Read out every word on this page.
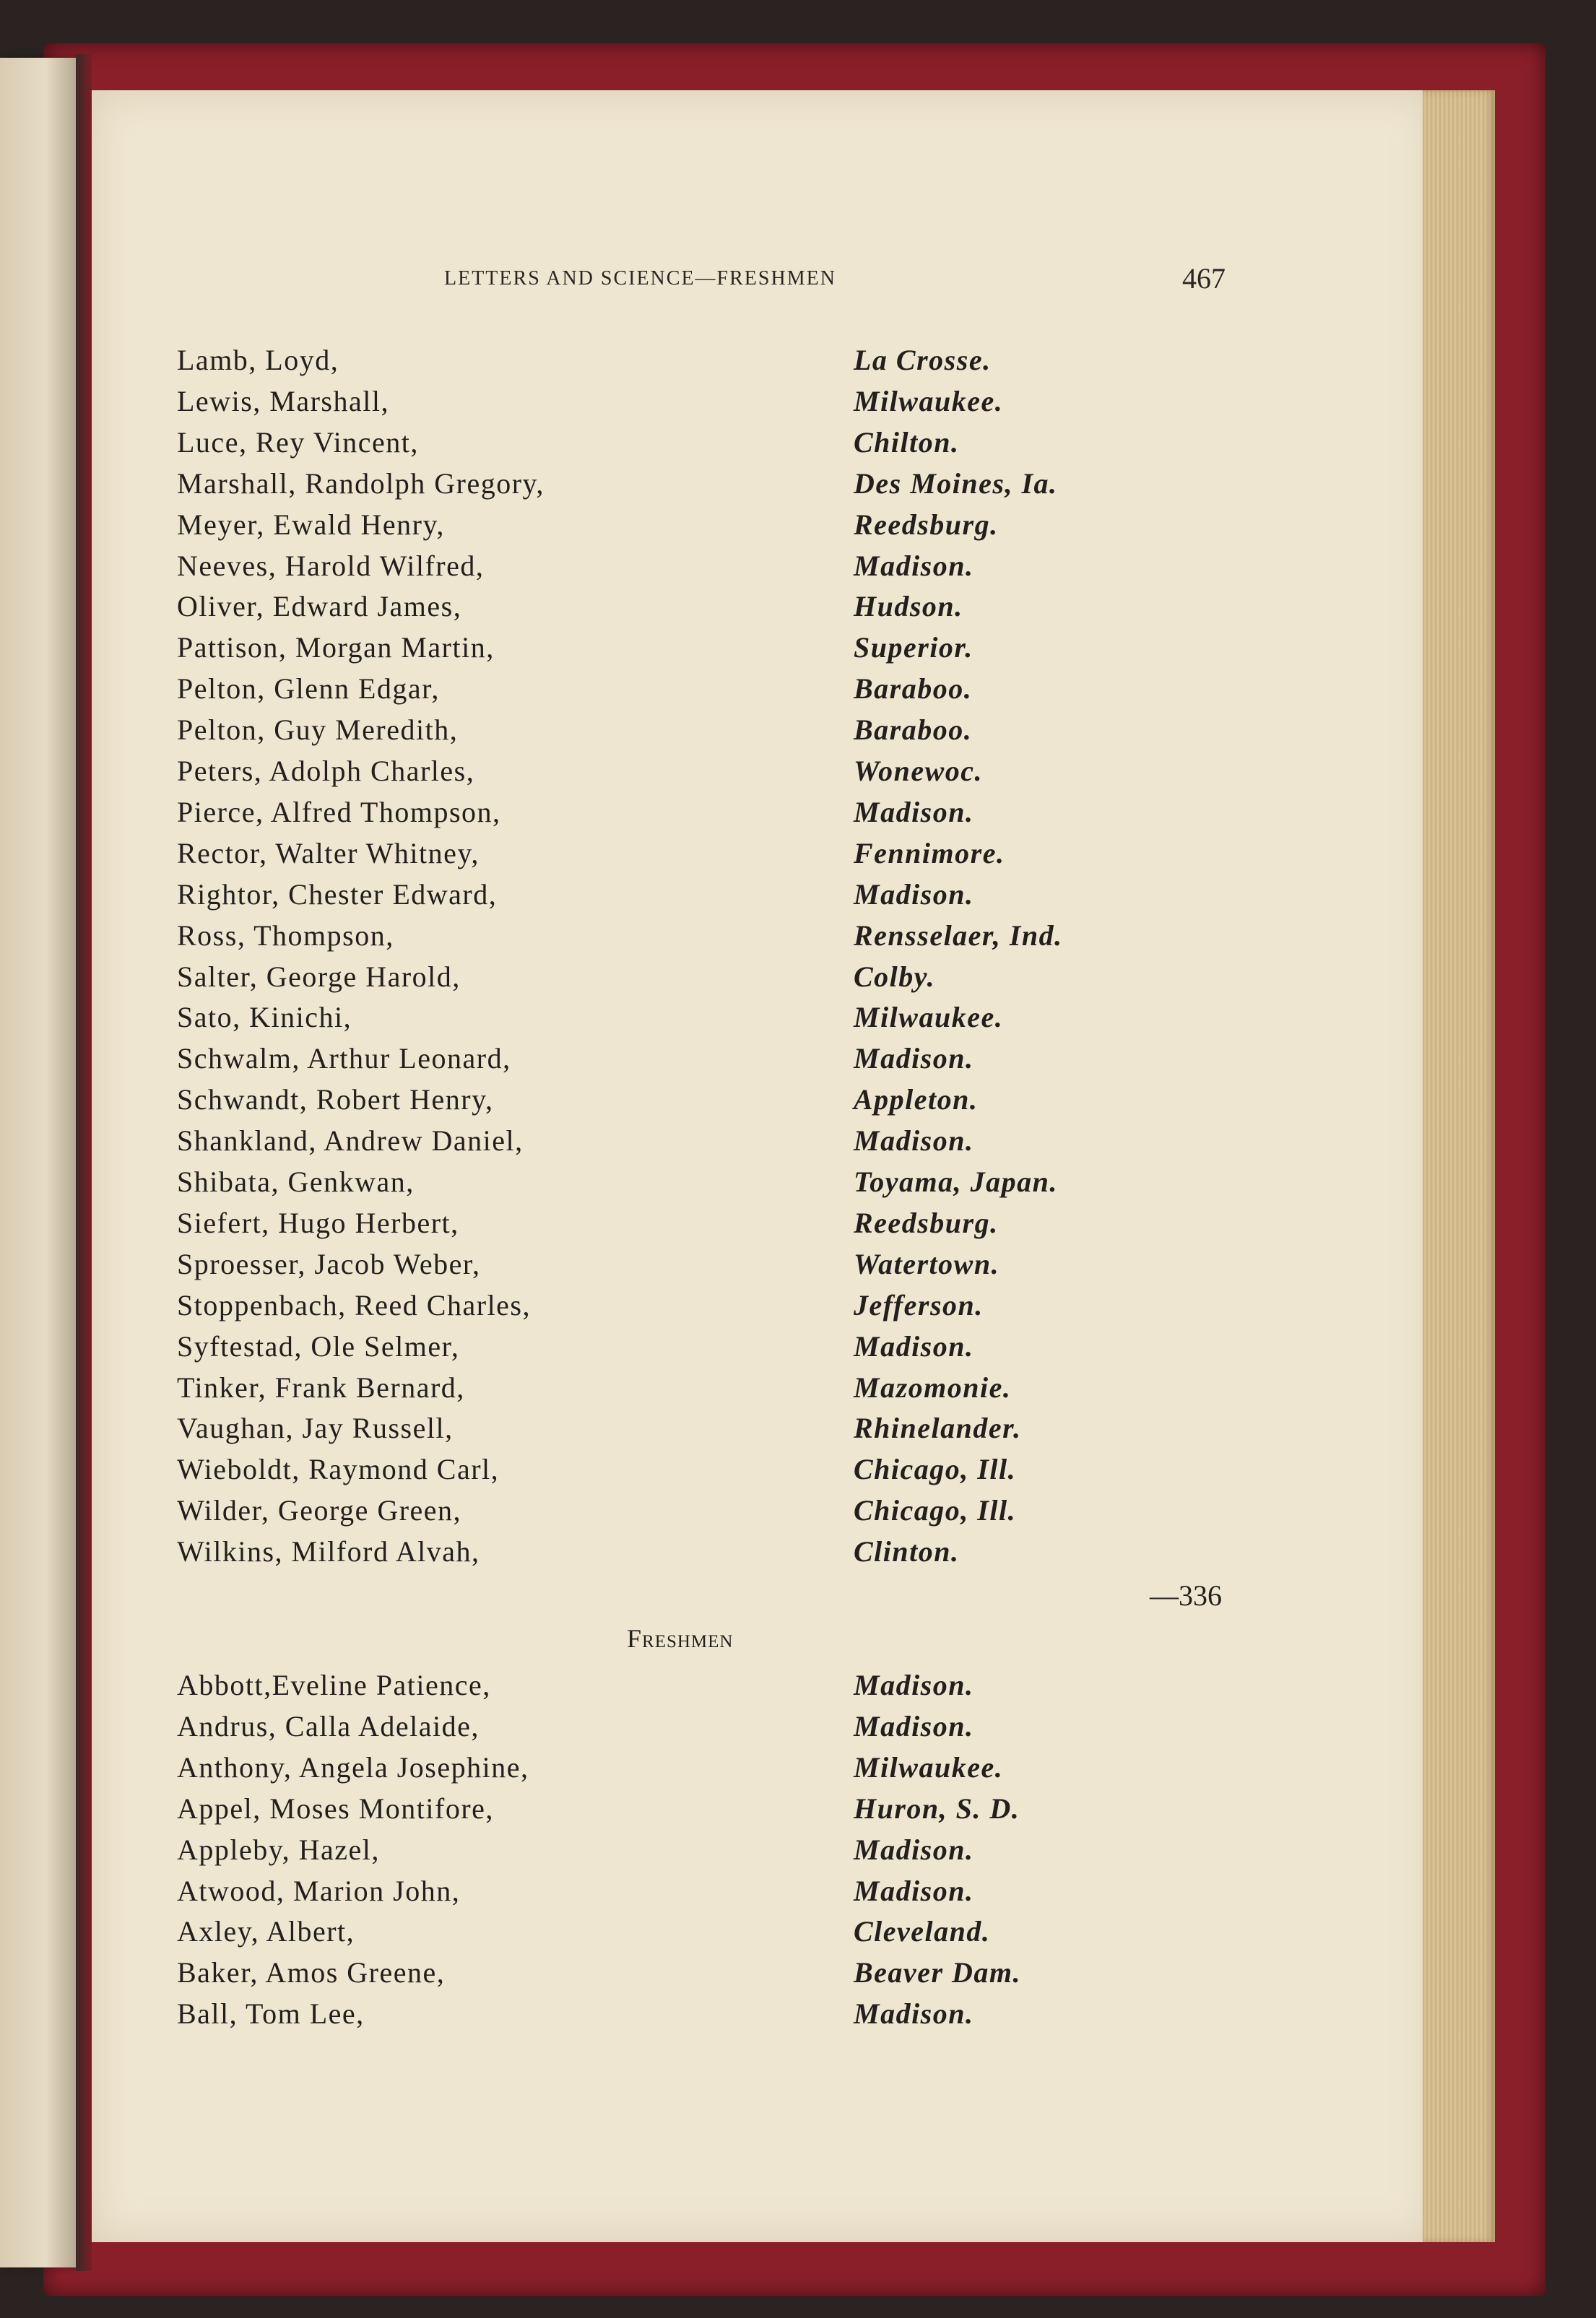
LETTERS AND SCIENCE—FRESHMEN	467
Lamb, Loyd,	La Crosse.
Lewis, Marshall,	Milwaukee.
Luce, Rey Vincent,	Chilton.
Marshall, Randolph Gregory,	Des Moines, Ia.
Meyer, Ewald Henry,	Reedsburg.
Neeves, Harold Wilfred,	Madison.
Oliver, Edward James,	Hudson.
Pattison, Morgan Martin,	Superior.
Pelton, Glenn Edgar,	Baraboo.
Pelton, Guy Meredith,	Baraboo.
Peters, Adolph Charles,	Wonewoc.
Pierce, Alfred Thompson,	Madison.
Rector, Walter Whitney,	Fennimore.
Rightor, Chester Edward,	Madison.
Ross, Thompson,	Rensselaer, Ind.
Salter, George Harold,	Colby.
Sato, Kinichi,	Milwaukee.
Schwalm, Arthur Leonard,	Madison.
Schwandt, Robert Henry,	Appleton.
Shankland, Andrew Daniel,	Madison.
Shibata, Genkwan,	Toyama, Japan.
Siefert, Hugo Herbert,	Reedsburg.
Sproesser, Jacob Weber,	Watertown.
Stoppenbach, Reed Charles,	Jefferson.
Syftestad, Ole Selmer,	Madison.
Tinker, Frank Bernard,	Mazomonie.
Vaughan, Jay Russell,	Rhinelander.
Wieboldt, Raymond Carl,	Chicago, Ill.
Wilder, George Green,	Chicago, Ill.
Wilkins, Milford Alvah,	Clinton.
—336
Freshmen
Abbott,Eveline Patience,	Madison.
Andrus, Calla Adelaide,	Madison.
Anthony, Angela Josephine,	Milwaukee.
Appel, Moses Montifore,	Huron, S. D.
Appleby, Hazel,	Madison.
Atwood, Marion John,	Madison.
Axley, Albert,	Cleveland.
Baker, Amos Greene,	Beaver Dam.
Ball, Tom Lee,	Madison.
